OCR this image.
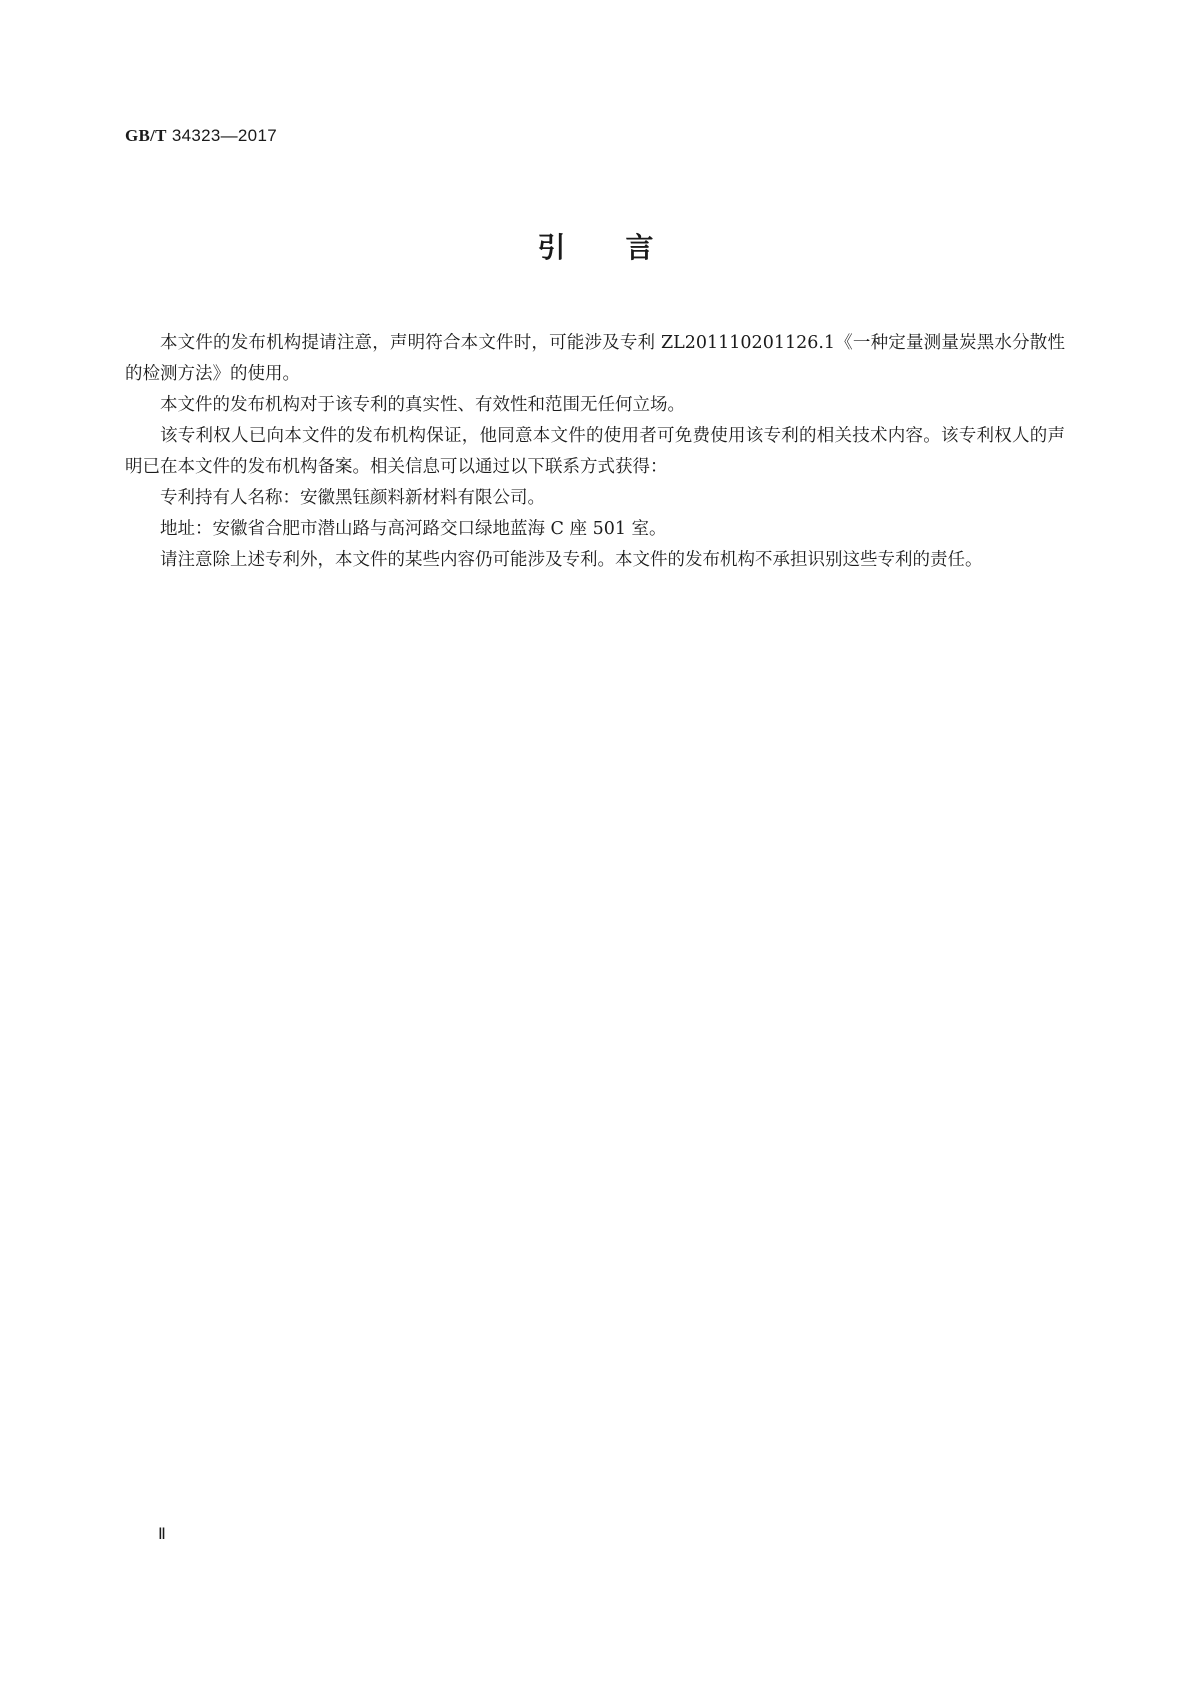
GB/T 34323—2017
引 言

本文件的发布机构提请注意，声明符合本文件时，可能涉及专利 ZL201110201126.1《一种定量测量炭黑水分散性的检测方法》的使用。

本文件的发布机构对于该专利的真实性、有效性和范围无任何立场。

该专利权人已向本文件的发布机构保证，他同意本文件的使用者可免费使用该专利的相关技术内容。该专利权人的声明已在本文件的发布机构备案。相关信息可以通过以下联系方式获得：

专利持有人名称：安徽黑钰颜料新材料有限公司。

地址：安徽省合肥市潜山路与高河路交口绿地蓝海 C 座 501 室。

请注意除上述专利外，本文件的某些内容仍可能涉及专利。本文件的发布机构不承担识别这些专利的责任。

Ⅱ
